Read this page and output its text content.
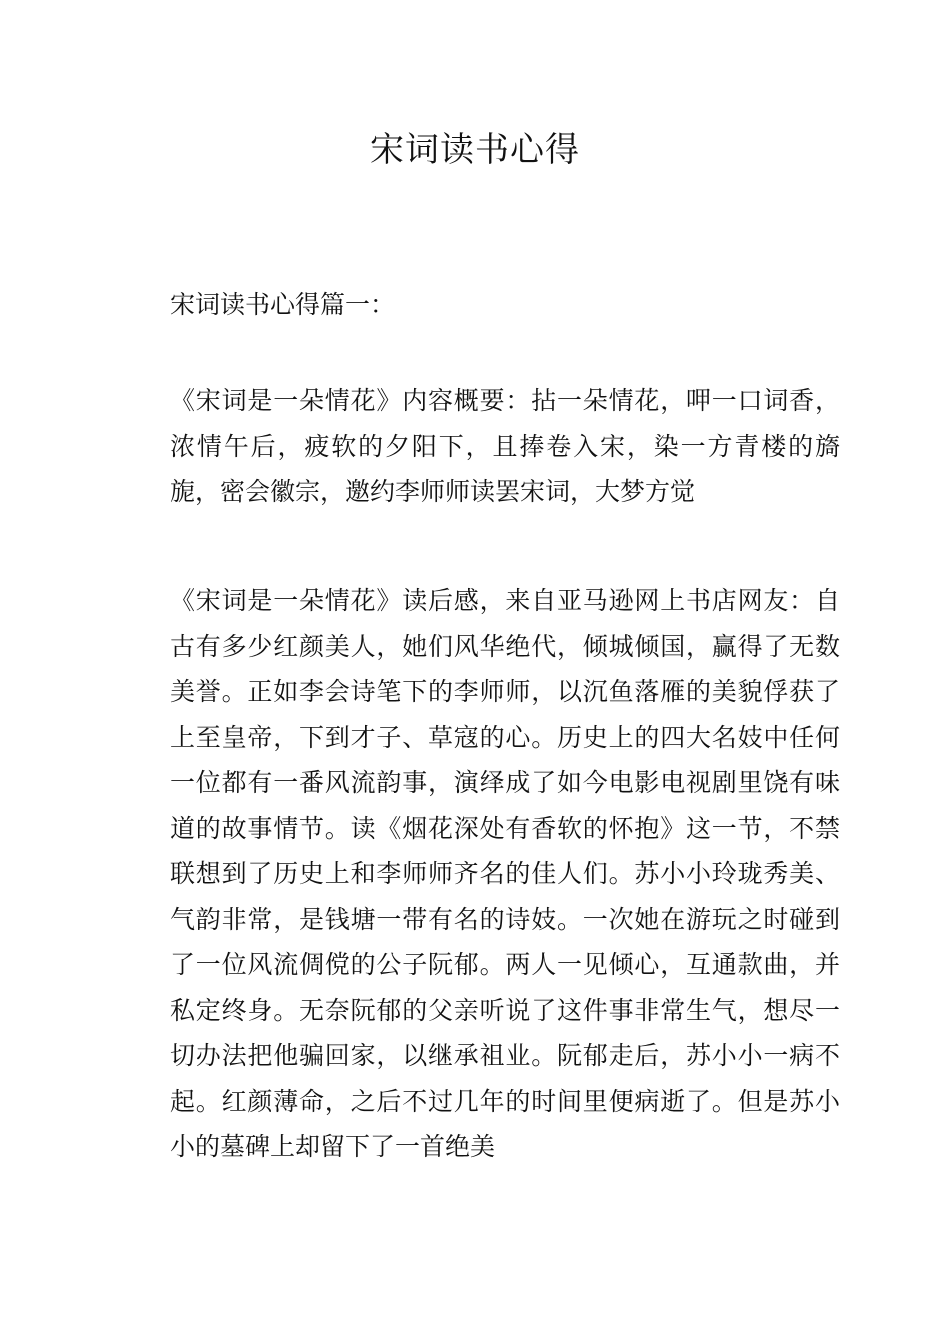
宋词读书心得

宋词读书心得篇一：

《宋词是一朵情花》内容概要：拈一朵情花，呷一口词香，浓情午后，疲软的夕阳下，且捧卷入宋，染一方青楼的旖旎，密会徽宗，邀约李师师读罢宋词，大梦方觉

《宋词是一朵情花》读后感，来自亚马逊网上书店网友：自古有多少红颜美人，她们风华绝代，倾城倾国，赢得了无数美誉。正如李会诗笔下的李师师，以沉鱼落雁的美貌俘获了上至皇帝，下到才子、草寇的心。历史上的四大名妓中任何一位都有一番风流韵事，演绎成了如今电影电视剧里饶有味道的故事情节。读《烟花深处有香软的怀抱》这一节，不禁联想到了历史上和李师师齐名的佳人们。苏小小玲珑秀美、气韵非常，是钱塘一带有名的诗妓。一次她在游玩之时碰到了一位风流倜傥的公子阮郁。两人一见倾心，互通款曲，并私定终身。无奈阮郁的父亲听说了这件事非常生气，想尽一切办法把他骗回家，以继承祖业。阮郁走后，苏小小一病不起。红颜薄命，之后不过几年的时间里便病逝了。但是苏小小的墓碑上却留下了一首绝美
